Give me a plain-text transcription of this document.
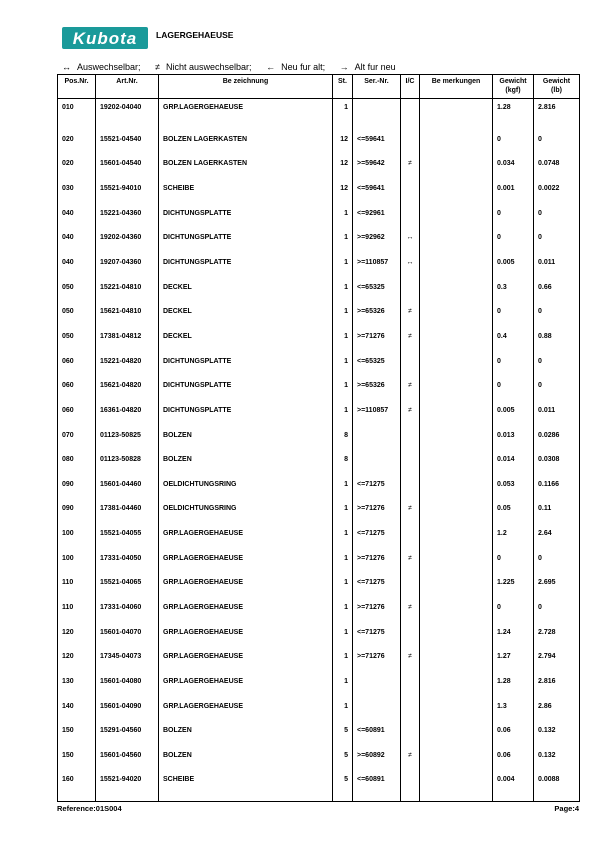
Kubota LAGERGEHAEUSE
↔ Auswechselbar; ≠ Nicht auswechselbar; ← Neu fur alt; → Alt fur neu
Pos.Nr.	Art.Nr.	Be zeichnung	St.	Ser.-Nr.	I/C	Be merkungen	Gewicht
(kgf)	Gewicht
(lb)
010	19202-04040	GRP.LAGERGEHAEUSE	1				1.28	2.816
020	15521-04540	BOLZEN LAGERKASTEN	12	<=59641			0	0
020	15601-04540	BOLZEN LAGERKASTEN	12	>=59642	≠		0.034	0.0748
030	15521-94010	SCHEIBE	12	<=59641			0.001	0.0022
040	15221-04360	DICHTUNGSPLATTE	1	<=92961			0	0
040	19202-04360	DICHTUNGSPLATTE	1	>=92962	↔		0	0
040	19207-04360	DICHTUNGSPLATTE	1	>=110857	↔		0.005	0.011
050	15221-04810	DECKEL	1	<=65325			0.3	0.66
050	15621-04810	DECKEL	1	>=65326	≠		0	0
050	17381-04812	DECKEL	1	>=71276	≠		0.4	0.88
060	15221-04820	DICHTUNGSPLATTE	1	<=65325			0	0
060	15621-04820	DICHTUNGSPLATTE	1	>=65326	≠		0	0
060	16361-04820	DICHTUNGSPLATTE	1	>=110857	≠		0.005	0.011
070	01123-50825	BOLZEN	8				0.013	0.0286
080	01123-50828	BOLZEN	8				0.014	0.0308
090	15601-04460	OELDICHTUNGSRING	1	<=71275			0.053	0.1166
090	17381-04460	OELDICHTUNGSRING	1	>=71276	≠		0.05	0.11
100	15521-04055	GRP.LAGERGEHAEUSE	1	<=71275			1.2	2.64
100	17331-04050	GRP.LAGERGEHAEUSE	1	>=71276	≠		0	0
110	15521-04065	GRP.LAGERGEHAEUSE	1	<=71275			1.225	2.695
110	17331-04060	GRP.LAGERGEHAEUSE	1	>=71276	≠		0	0
120	15601-04070	GRP.LAGERGEHAEUSE	1	<=71275			1.24	2.728
120	17345-04073	GRP.LAGERGEHAEUSE	1	>=71276	≠		1.27	2.794
130	15601-04080	GRP.LAGERGEHAEUSE	1				1.28	2.816
140	15601-04090	GRP.LAGERGEHAEUSE	1				1.3	2.86
150	15291-04560	BOLZEN	5	<=60891			0.06	0.132
150	15601-04560	BOLZEN	5	>=60892	≠		0.06	0.132
160	15521-94020	SCHEIBE	5	<=60891			0.004	0.0088

Reference:01S004	Page:4
